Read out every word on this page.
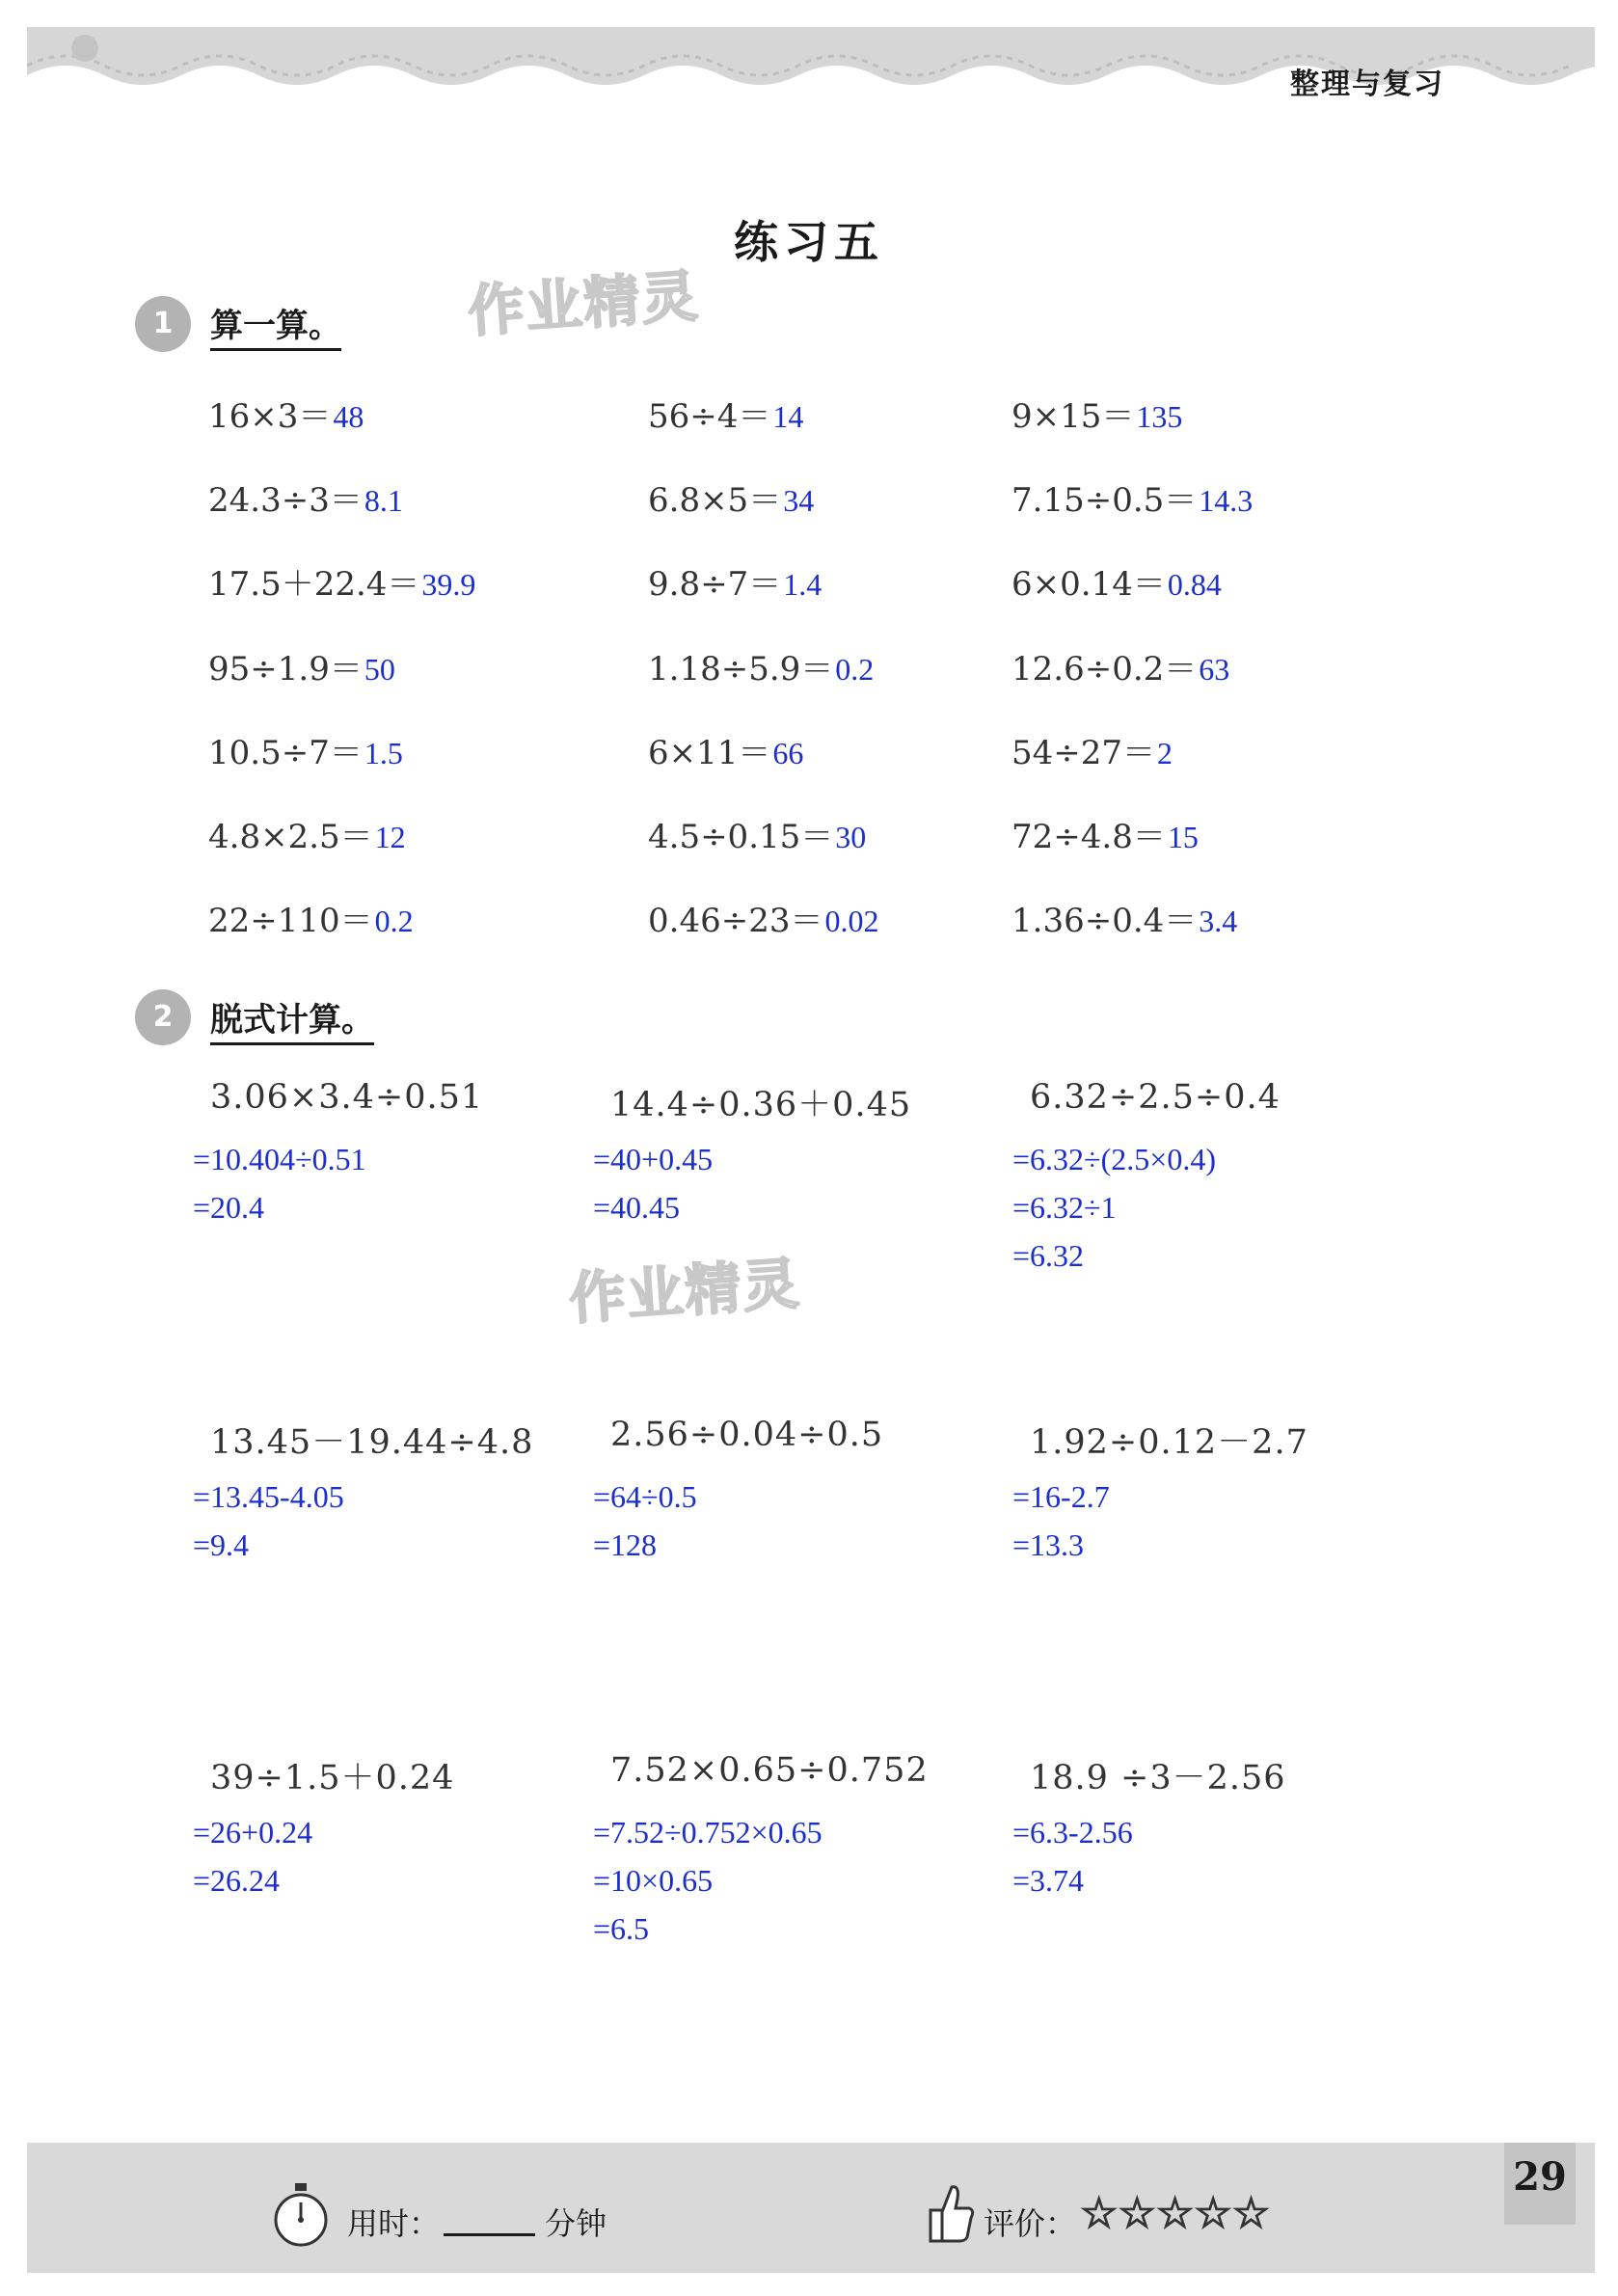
整理与复习
练习五
作业精灵
作业精灵
1	算一算。
16×3＝48
24.3÷3＝8.1
17.5＋22.4＝39.9
95÷1.9＝50
10.5÷7＝1.5
4.8×2.5＝12
22÷110＝0.2
56÷4＝14
6.8×5＝34
9.8÷7＝1.4
1.18÷5.9＝0.2
6×11＝66
4.5÷0.15＝30
0.46÷23＝0.02
9×15＝135
7.15÷0.5＝14.3
6×0.14＝0.84
12.6÷0.2＝63
54÷27＝2
72÷4.8＝15
1.36÷0.4＝3.4
2	脱式计算。
3.06×3.4÷0.51
=10.404÷0.51
=20.4
14.4÷0.36＋0.45
=40+0.45
=40.45
6.32÷2.5÷0.4
=6.32÷(2.5×0.4)
=6.32÷1
=6.32
13.45－19.44÷4.8
=13.45-4.05
=9.4
2.56÷0.04÷0.5
=64÷0.5
=128
1.92÷0.12－2.7
=16-2.7
=13.3
39÷1.5＋0.24
=26+0.24
=26.24
7.52×0.65÷0.752
=7.52÷0.752×0.65
=10×0.65
=6.5
18.9 ÷3－2.56
=6.3-2.56
=3.74
29
用时：	分钟	评价： ☆☆☆☆☆
